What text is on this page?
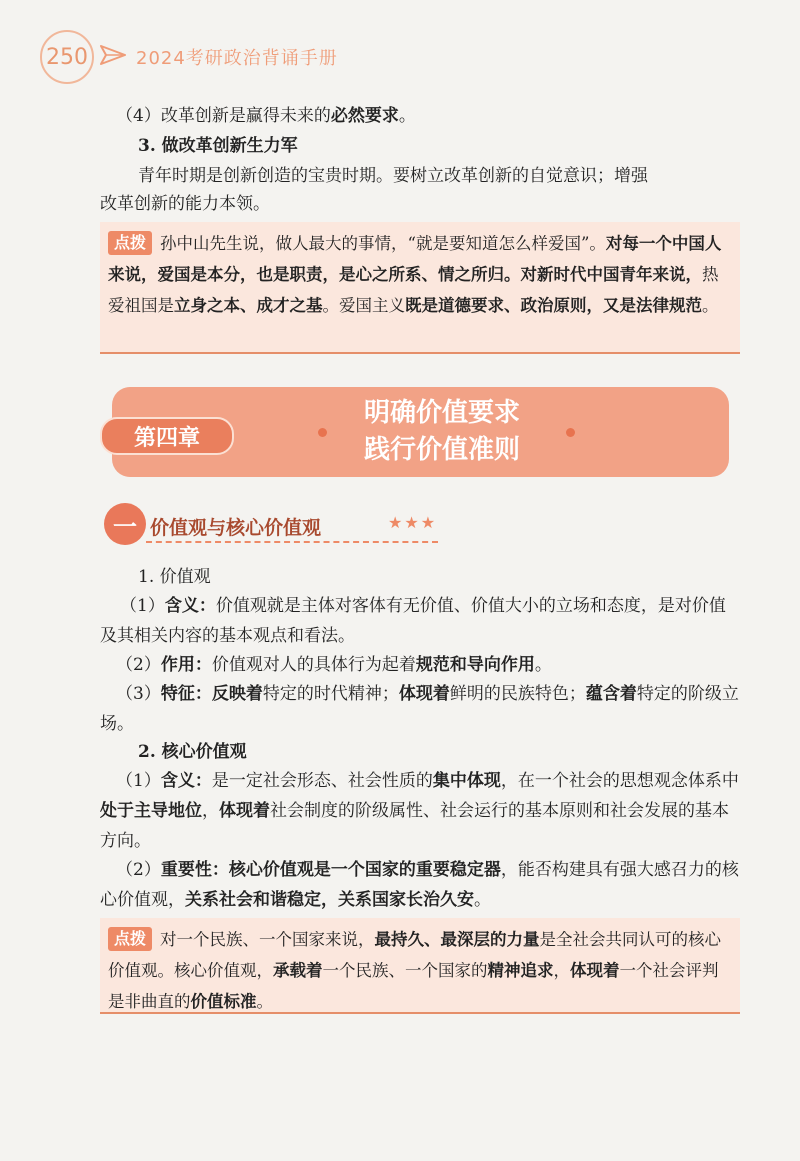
250	2024考研政治背诵手册
（4）改革创新是赢得未来的必然要求。
3. 做改革创新生力军
青年时期是创新创造的宝贵时期。要树立改革创新的自觉意识；增强
改革创新的能力本领。
点拨 孙中山先生说，做人最大的事情，“就是要知道怎么样爱国”。对每一个中国人来说，爱国是本分，也是职责，是心之所系、情之所归。对新时代中国青年来说，热爱祖国是立身之本、成才之基。爱国主义既是道德要求、政治原则，又是法律规范。
第四章
明确价值要求
践行价值准则
一 价值观与核心价值观	★★★
1. 价值观
（1）含义：价值观就是主体对客体有无价值、价值大小的立场和态度，是对价值及其相关内容的基本观点和看法。
（2）作用：价值观对人的具体行为起着规范和导向作用。
（3）特征：反映着特定的时代精神；体现着鲜明的民族特色；蕴含着特定的阶级立场。
2. 核心价值观
（1）含义：是一定社会形态、社会性质的集中体现，在一个社会的思想观念体系中处于主导地位，体现着社会制度的阶级属性、社会运行的基本原则和社会发展的基本方向。
（2）重要性：核心价值观是一个国家的重要稳定器，能否构建具有强大感召力的核心价值观，关系社会和谐稳定，关系国家长治久安。
点拨 对一个民族、一个国家来说，最持久、最深层的力量是全社会共同认可的核心价值观。核心价值观，承载着一个民族、一个国家的精神追求，体现着一个社会评判是非曲直的价值标准。
